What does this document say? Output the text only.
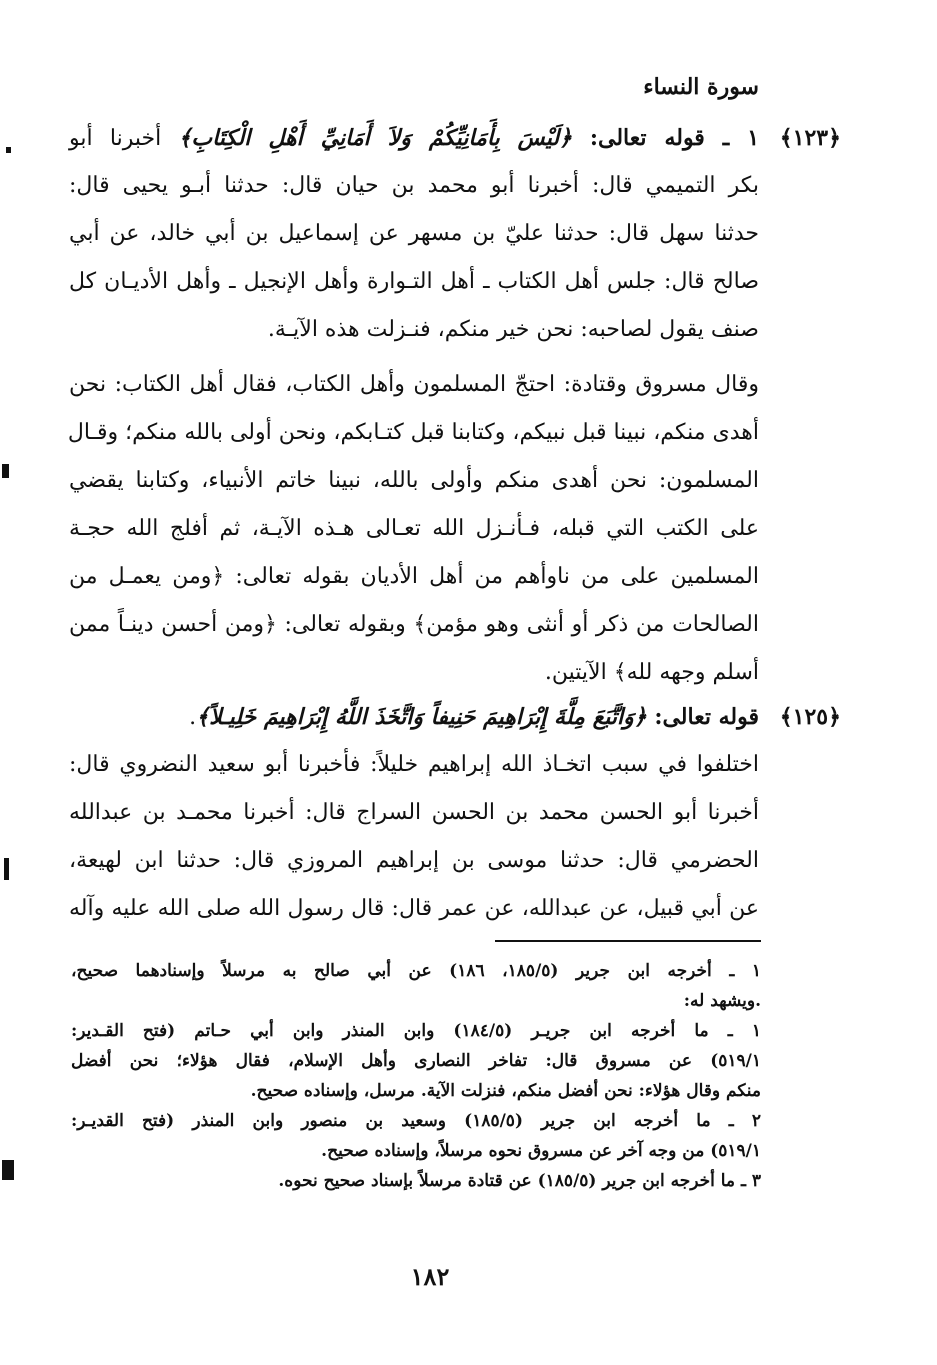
سورة النساء
﴿١٢٣﴾
١ ـ قوله تعالى: ﴿لَيْسَ بِأَمَانِيِّكُمْ وَلاَ أَمَانِيِّ أَهْلِ الْكِتَابِ﴾ أخبرنا أبو
بكر التميمي قال: أخبرنا أبو محمد بن حيان قال: حدثنا أبـو يحيى قال:
حدثنا سهل قال: حدثنا عليّ بن مسهر عن إسماعيل بن أبي خالد، عن أبي
صالح قال: جلس أهل الكتاب ـ أهل التـوارة وأهل الإنجيل ـ وأهل الأديـان كل
صنف يقول لصاحبه: نحن خير منكم، فنـزلت هذه الآيـة.
وقال مسروق وقتادة: احتجّ المسلمون وأهل الكتاب، فقال أهل الكتاب: نحن
أهدى منكم، نبينا قبل نبيكم، وكتابنا قبل كتـابكم، ونحن أولى بالله منكم؛ وقـال
المسلمون: نحن أهدى منكم وأولى بالله، نبينا خاتم الأنبياء، وكتابنا يقضي
على الكتب التي قبله، فـأنـزل الله تعـالى هـذه الآيـة، ثم أفلج الله حجـة
المسلمين على من ناوأهم من أهل الأديان بقوله تعالى: ﴿ومن يعمـل من
الصالحات من ذكر أو أنثى وهو مؤمن﴾ وبقوله تعالى: ﴿ومن أحسن دينـاً ممن
أسلم وجهه لله﴾ الآيتين.
﴿١٢٥﴾
قوله تعالى: ﴿وَاتَّبَعَ مِلَّةَ إِبْرَاهِيمَ حَنِيفاً وَاتَّخَذَ اللَّهُ إِبْرَاهِيمَ خَلِيـلاً﴾.
اختلفوا في سبب اتخـاذ الله إبراهيم خليلاً: فأخبرنا أبو سعيد النضروي قال:
أخبرنا أبو الحسن محمد بن الحسن السراج قال: أخبرنا محمـد بن عبدالله
الحضرمي قال: حدثنا موسى بن إبراهيم المروزي قال: حدثنا ابن لهيعة،
عن أبي قبيل، عن عبدالله، عن عمر قال: قال رسول الله صلى الله عليه وآله
١ ـ أخرجه ابن جرير (١٨٥/٥، ١٨٦) عن أبي صالح به مرسلاً وإسنادهما صحيح،
.ويشهد له:
١ ـ ما أخرجه ابن جريـر (١٨٤/٥) وابن المنذر وابن أبي حـاتم (فتح القـدير:
٥١٩/١) عن مسروق قال: تفاخر النصارى وأهل الإسلام، فقال هؤلاء؛ نحن أفضل
منكم وقال هؤلاء: نحن أفضل منكم، فنزلت الآية. مرسل، وإسناده صحيح.
٢ ـ ما أخرجه ابن جرير (١٨٥/٥) وسعيد بن منصور وابن المنذر (فتح القديـر:
٥١٩/١) من وجه آخر عن مسروق نحوه مرسلاً، وإسناده صحيح.
٣ ـ ما أخرجه ابن جرير (١٨٥/٥) عن قتادة مرسلاً بإسناد صحيح نحوه.
١٨٢
